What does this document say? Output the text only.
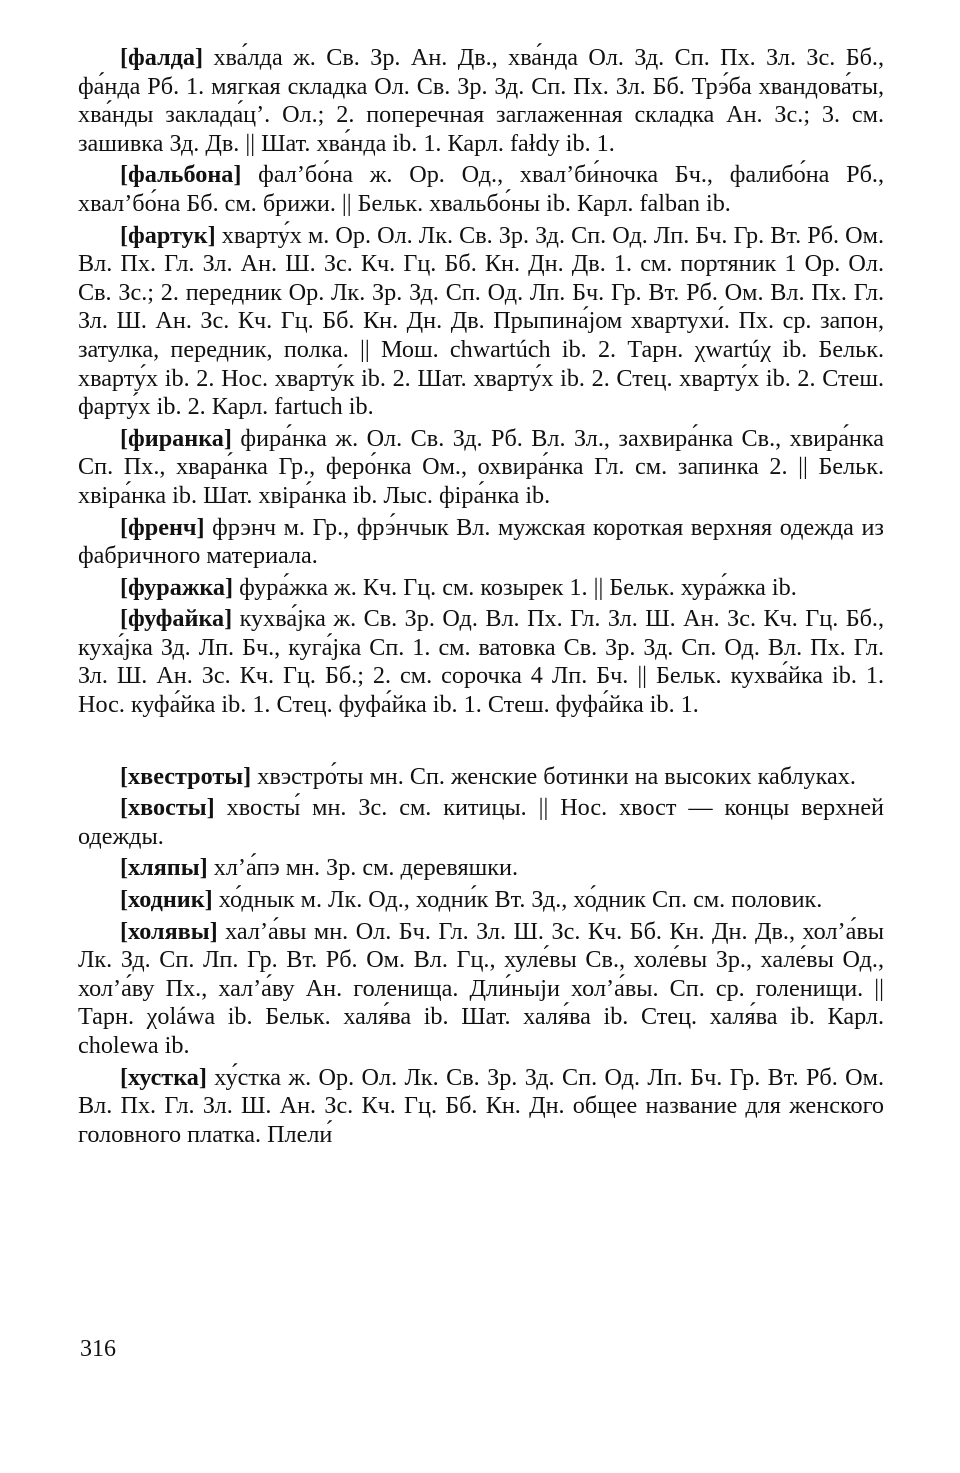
[фалда] хва́лда ж. Св. Зр. Ан. Дв., хва́нда Ол. Зд. Сп. Пх. Зл. Зс. Бб., фа́нда Рб. 1. мягкая складка Ол. Св. Зр. Зд. Сп. Пх. Зл. Бб. Трэ́ба хвандова́ты, хва́нды заклада́ц’. Ол.; 2. поперечная заглаженная складка Ан. Зс.; 3. см. зашивка Зд. Дв. || Шат. хва́нда ib. 1. Карл. fałdy ib. 1.

[фальбона] фал’бо́на ж. Ор. Од., хвал’би́ночка Бч., фалибо́на Рб., хвал’бо́на Бб. см. брижи. || Бельк. хвальбо́ны ib. Карл. falban ib.

[фартук] хварту́х м. Ор. Ол. Лк. Св. Зр. Зд. Сп. Од. Лп. Бч. Гр. Вт. Рб. Ом. Вл. Пх. Гл. Зл. Ан. Ш. Зс. Кч. Гц. Бб. Кн. Дн. Дв. 1. см. портяник 1 Ор. Ол. Св. Зс.; 2. передник Ор. Лк. Зр. Зд. Сп. Од. Лп. Бч. Гр. Вт. Рб. Ом. Вл. Пх. Гл. Зл. Ш. Ан. Зс. Кч. Гц. Бб. Кн. Дн. Дв. Прыпина́jом хвартухи́. Пх. ср. запон, затулка, передник, полка. || Мош. chwartúch ib. 2. Тарн. χwartúχ ib. Бельк. хварту́х ib. 2. Нос. хварту́к ib. 2. Шат. хварту́х ib. 2. Стец. хварту́х ib. 2. Стеш. фарту́х ib. 2. Карл. fartuch ib.

[фиранка] фира́нка ж. Ол. Св. Зд. Рб. Вл. Зл., захвира́нка Св., хвира́нка Сп. Пх., хвара́нка Гр., феро́нка Ом., охвира́нка Гл. см. запинка 2. || Бельк. хвіра́нка ib. Шат. хвіра́нка ib. Лыс. фіра́нка ib.

[френч] фрэнч м. Гр., фрэ́нчык Вл. мужская короткая верхняя одежда из фабричного материала.

[фуражка] фура́жка ж. Кч. Гц. см. козырек 1. || Бельк. хура́жка ib.

[фуфайка] кухва́jка ж. Св. Зр. Од. Вл. Пх. Гл. Зл. Ш. Ан. Зс. Кч. Гц. Бб., куха́jка Зд. Лп. Бч., куга́jка Сп. 1. см. ватовка Св. Зр. Зд. Сп. Од. Вл. Пх. Гл. Зл. Ш. Ан. Зс. Кч. Гц. Бб.; 2. см. сорочка 4 Лп. Бч. || Бельк. кухва́йка ib. 1. Нос. куфа́йка ib. 1. Стец. фуфа́йка ib. 1. Стеш. фуфа́йка ib. 1.

[хвестроты] хвэстро́ты мн. Сп. женские ботинки на высоких каблуках.

[хвосты] хвосты́ мн. Зс. см. китицы. || Нос. хвост — концы верхней одежды.

[хляпы] хл’а́пэ мн. Зр. см. деревяшки.

[ходник] хо́днык м. Лк. Од., ходни́к Вт. Зд., хо́дник Сп. см. половик.

[холявы] хал’а́вы мн. Ол. Бч. Гл. Зл. Ш. Зс. Кч. Бб. Кн. Дн. Дв., хол’а́вы Лк. Зд. Сп. Лп. Гр. Вт. Рб. Ом. Вл. Гц., хуле́вы Св., холе́вы Зр., хале́вы Од., хол’а́ву Пх., хал’а́ву Ан. голенища. Дли́ныjи хол’а́вы. Сп. ср. голенищи. || Тарн. χoláwa ib. Бельк. халя́ва ib. Шат. халя́ва ib. Стец. халя́ва ib. Карл. cholewa ib.

[хустка] ху́стка ж. Ор. Ол. Лк. Св. Зр. Зд. Сп. Од. Лп. Бч. Гр. Вт. Рб. Ом. Вл. Пх. Гл. Зл. Ш. Ан. Зс. Кч. Гц. Бб. Кн. Дн. общее название для женского головного платка. Плели́

316
